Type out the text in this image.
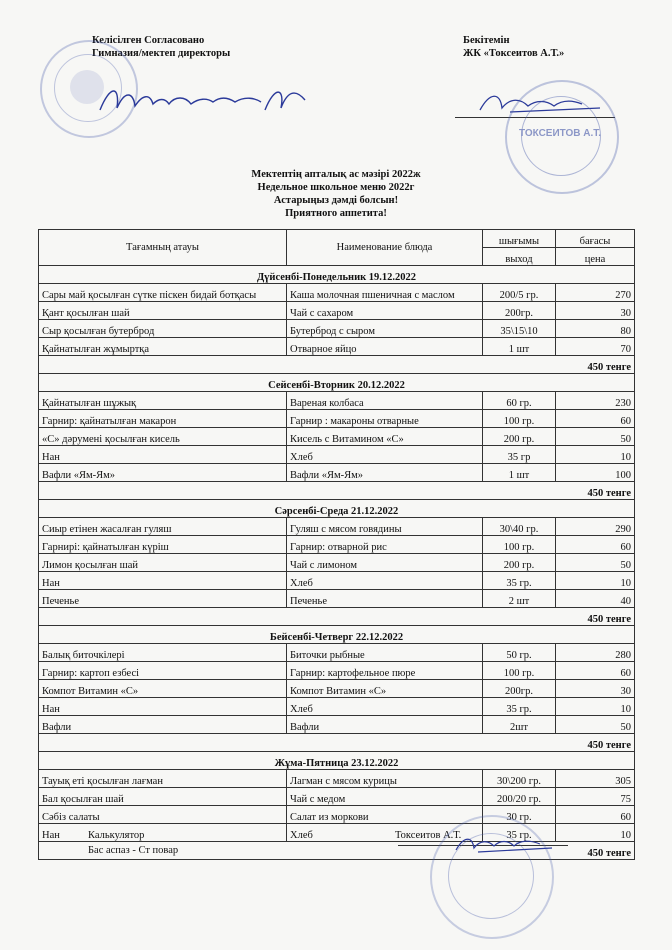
Келісілген Согласовано
Гимназия/мектеп директоры
Бекітемін
ЖК «Токсеитов А.Т.»
ТОКСЕИТОВ А.Т.
Мектептің апталық ас мәзірі 2022ж
Недельное школьное меню 2022г
Астарыңыз дәмді болсын!
Приятного аппетита!
Тағамның атауы	Наименование блюда	шығымы	бағасы
		выход	цена
Дүйсенбі-Понедельник 19.12.2022			
Сары май қосылған сүтке піскен бидай ботқасы	Каша молочная пшеничная с маслом	200/5 гр.	270
Қант қосылған шай	Чай с сахаром	200гр.	30
Сыр қосылған бутерброд	Бутерброд с сыром	35\15\10	80
Қайнатылған жұмыртқа	Отварное яйцо	1 шт	70
450 тенге			
Сейсенбі-Вторник 20.12.2022			
Қайнатылған шұжық	Вареная колбаса	60 гр.	230
Гарнир: қайнатылған макарон	Гарнир : макароны отварные	100 гр.	60
«С» дәрумені қосылған кисель	Кисель с Витамином «С»	200 гр.	50
Нан	Хлеб	35 гр	10
Вафли «Ям-Ям»	Вафли «Ям-Ям»	1 шт	100
450 тенге			
Сәрсенбі-Среда 21.12.2022			
Сиыр етінен жасалған гуляш	Гуляш с мясом говядины	30\40 гр.	290
Гарнирі: қайнатылған күріш	Гарнир: отварной рис	100 гр.	60
Лимон қосылған шай	Чай с лимоном	200 гр.	50
Нан	Хлеб	35 гр.	10
Печенье	Печенье	2 шт	40
450 тенге			
Бейсенбі-Четверг 22.12.2022			
Балық биточкілері	Биточки рыбные	50 гр.	280
Гарнир: картоп езбесі	Гарнир: картофельное пюре	100 гр.	60
Компот Витамин «С»	Компот Витамин «С»	200гр.	30
Нан	Хлеб	35 гр.	10
Вафли	Вафли	2шт	50
450 тенге			
Жұма-Пятница 23.12.2022			
Тауық еті қосылған лағман	Лагман с мясом курицы	30\200 гр.	305
Бал қосылған шай	Чай с медом	200/20 гр.	75
Сәбіз салаты	Салат из моркови	30 гр.	60
Нан	Хлеб	35 гр.	10
450 тенге			
Калькулятор
Бас аспаз - Ст повар
Токсеитов А.Т.
